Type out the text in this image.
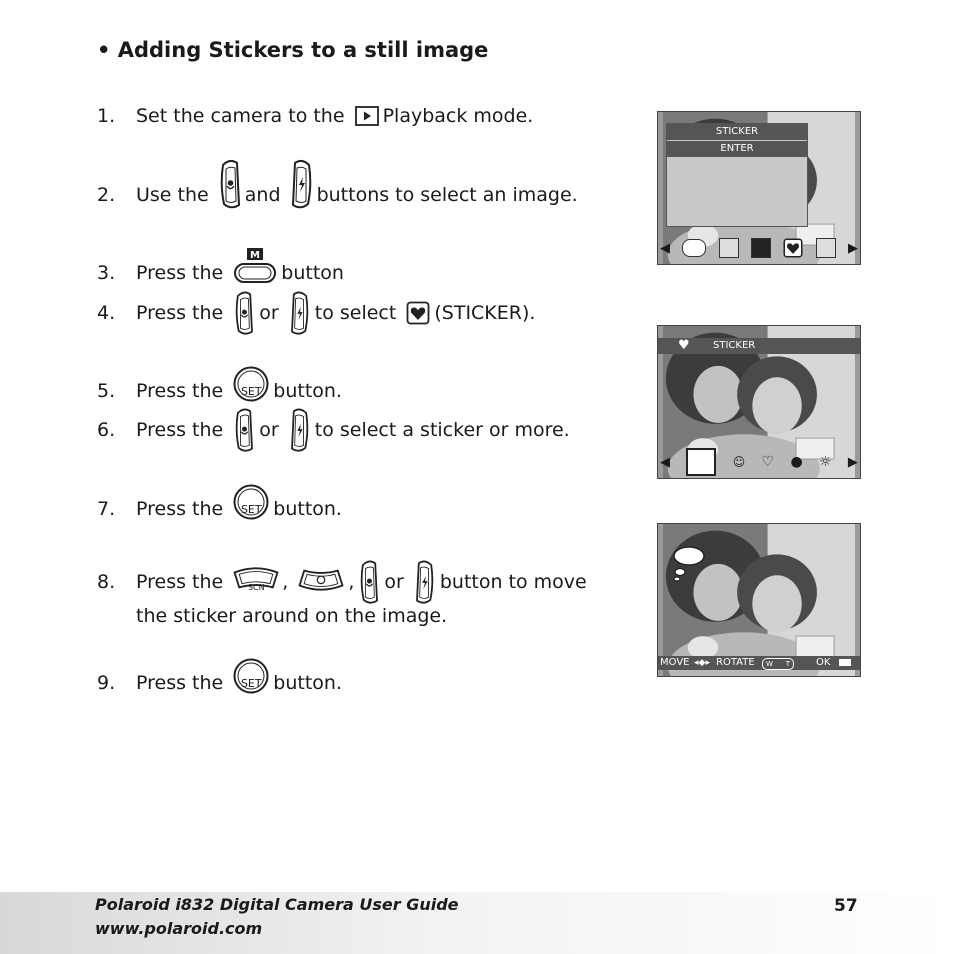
• Adding Stickers to a still image
1.	Set the camera to the Playback mode.
2.	Use the and buttons to select an image.
3.	Press the
M
button
4.	Press the or to select (STICKER).
5.	Press the	SET button.
6.	Press the or to select a sticker or more.
7.	Press the	SET button.
8.	Press the	SCN ,	, or button to move
the sticker around on the image.
9.	Press the	SET button.
STICKER
ENTER
◀	▶
♥ STICKER
◀	☺ ♡ ● ☼ ▶
MOVE ◂◆▸ ROTATE W T	OK
Polaroid i832 Digital Camera User Guide
www.polaroid.com
57
